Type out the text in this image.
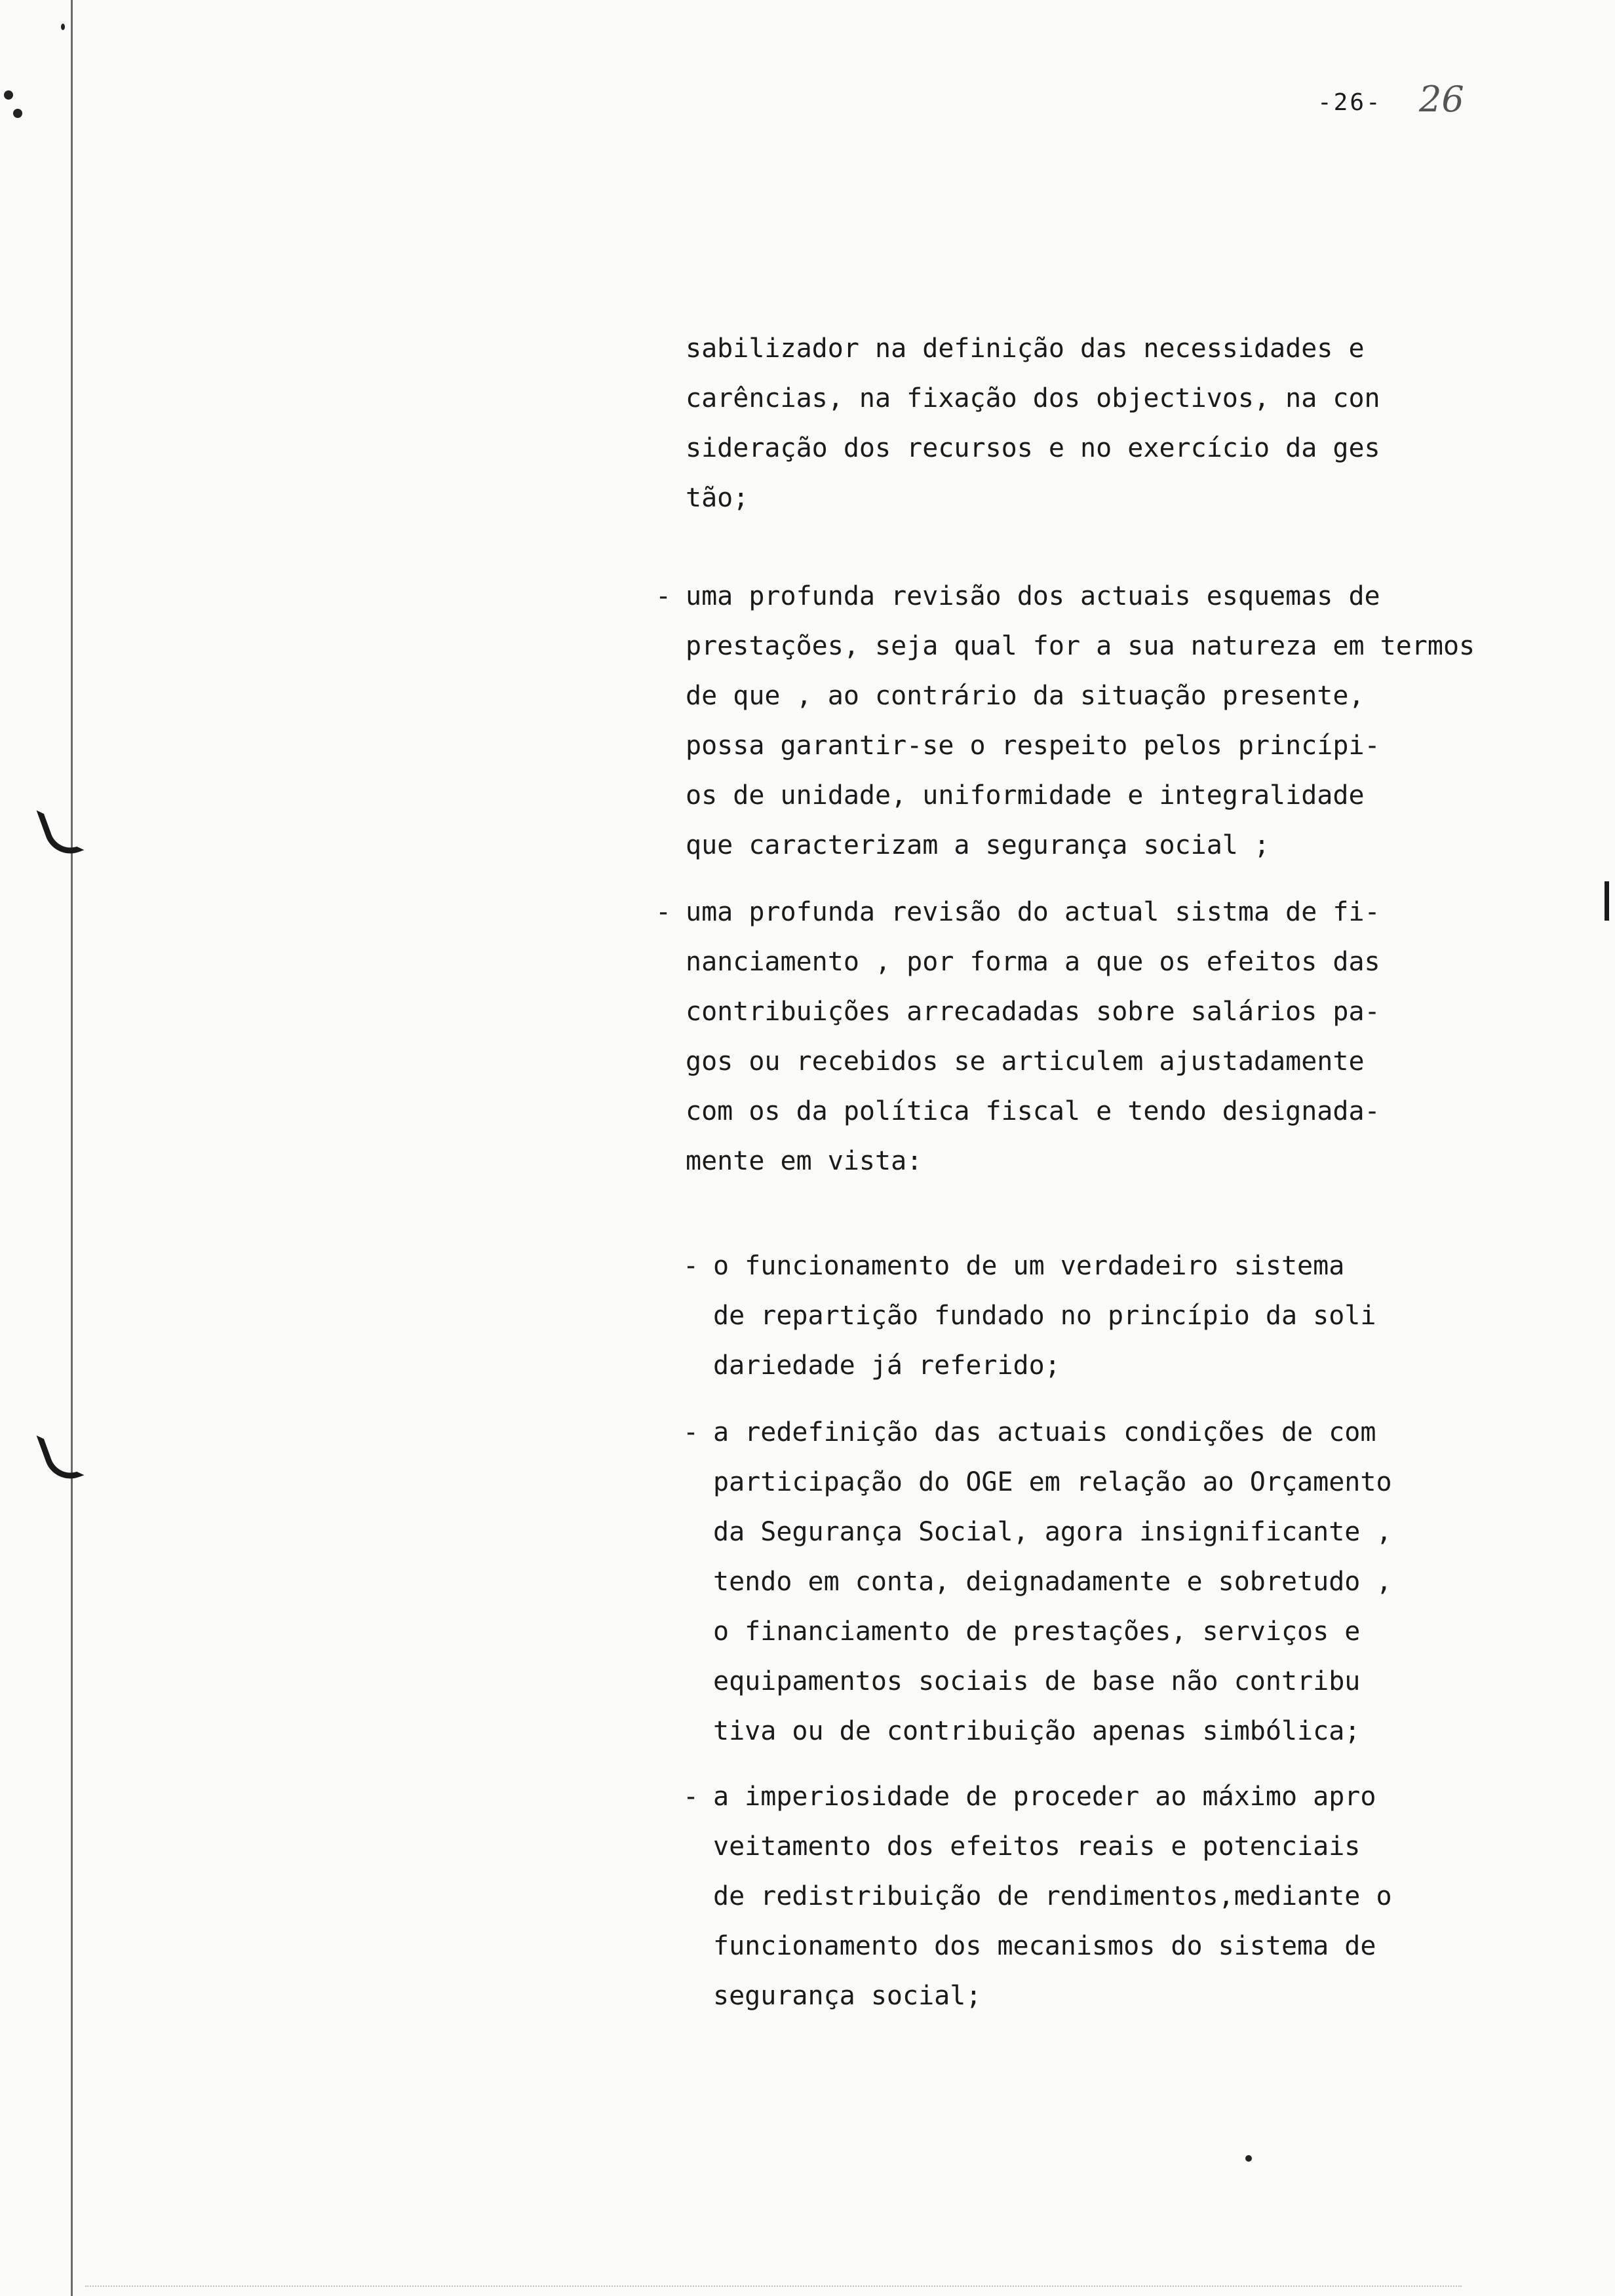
-26- 26
sabilizador na definição das necessidades e
carências, na fixação dos objectivos, na con
sideração dos recursos e no exercício da ges
tão;
- uma profunda revisão dos actuais esquemas de
prestações, seja qual for a sua natureza em termos
de que , ao contrário da situação presente,
possa garantir-se o respeito pelos princípi-
os de unidade, uniformidade e integralidade
que caracterizam a segurança social ;
- uma profunda revisão do actual sistma de fi-
nanciamento , por forma a que os efeitos das
contribuições arrecadadas sobre salários pa-
gos ou recebidos se articulem ajustadamente
com os da política fiscal e tendo designada-
mente em vista:
- o funcionamento de um verdadeiro sistema
de repartição fundado no princípio da soli
dariedade já referido;
- a redefinição das actuais condições de com
participação do OGE em relação ao Orçamento
da Segurança Social, agora insignificante ,
tendo em conta, deignadamente e sobretudo ,
o financiamento de prestações, serviços e
equipamentos sociais de base não contribu
tiva ou de contribuição apenas simbólica;
- a imperiosidade de proceder ao máximo apro
veitamento dos efeitos reais e potenciais
de redistribuição de rendimentos,mediante o
funcionamento dos mecanismos do sistema de
segurança social;
